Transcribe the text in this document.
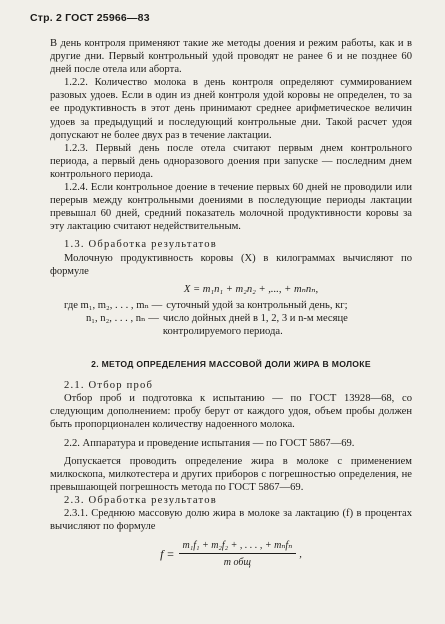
Стр. 2 ГОСТ 25966—83

В день контроля применяют такие же методы доения и режим работы, как и в другие дни. Первый контрольный удой проводят не ранее 6 и не позднее 60 дней после отела или аборта.

1.2.2. Количество молока в день контроля определяют суммированием разовых удоев. Если в один из дней контроля удой коровы не определен, то за ее продуктивность в этот день принимают среднее арифметическое величин удоев за предыдущий и последующий контрольные дни. Такой расчет удоя допускают не более двух раз в течение лактации.

1.2.3. Первый день после отела считают первым днем контрольного периода, а первый день одноразового доения при запуске — последним днем контрольного периода.

1.2.4. Если контрольное доение в течение первых 60 дней не проводили или перерыв между контрольными доениями в последующие периоды лактации превышал 60 дней, средний показатель молочной продуктивности коровы за эту лактацию считают недействительным.

1.3. Обработка результатов

Молочную продуктивность коровы (X) в килограммах вычисляют по формуле

X = m₁n₁ + m₂n₂ + ,..., + mₙnₙ,
где m₁, m₂, . . . , mₙ — суточный удой за контрольный день, кг;
n₁, n₂, . . . , nₙ — число дойных дней в 1, 2, 3 и n-м месяце контролируемого периода.
2. МЕТОД ОПРЕДЕЛЕНИЯ МАССОВОЙ ДОЛИ ЖИРА В МОЛОКЕ

2.1. Отбор проб

Отбор проб и подготовка к испытанию — по ГОСТ 13928—68, со следующим дополнением: пробу берут от каждого удоя, объем пробы должен быть пропорционален количеству надоенного молока.

2.2. Аппаратура и проведение испытания — по ГОСТ 5867—69.

Допускается проводить определение жира в молоке с применением милкоскопа, милкотестера и других приборов с погрешностью определения, не превышающей погрешность метода по ГОСТ 5867—69.

2.3. Обработка результатов

2.3.1. Среднюю массовую долю жира в молоке за лактацию (f) в процентах вычисляют по формуле

$f = \frac{\text{m₁f₁ + m₂f₂ + , . . . , + mₙfₙ}}{\text{m общ}}$ ,
